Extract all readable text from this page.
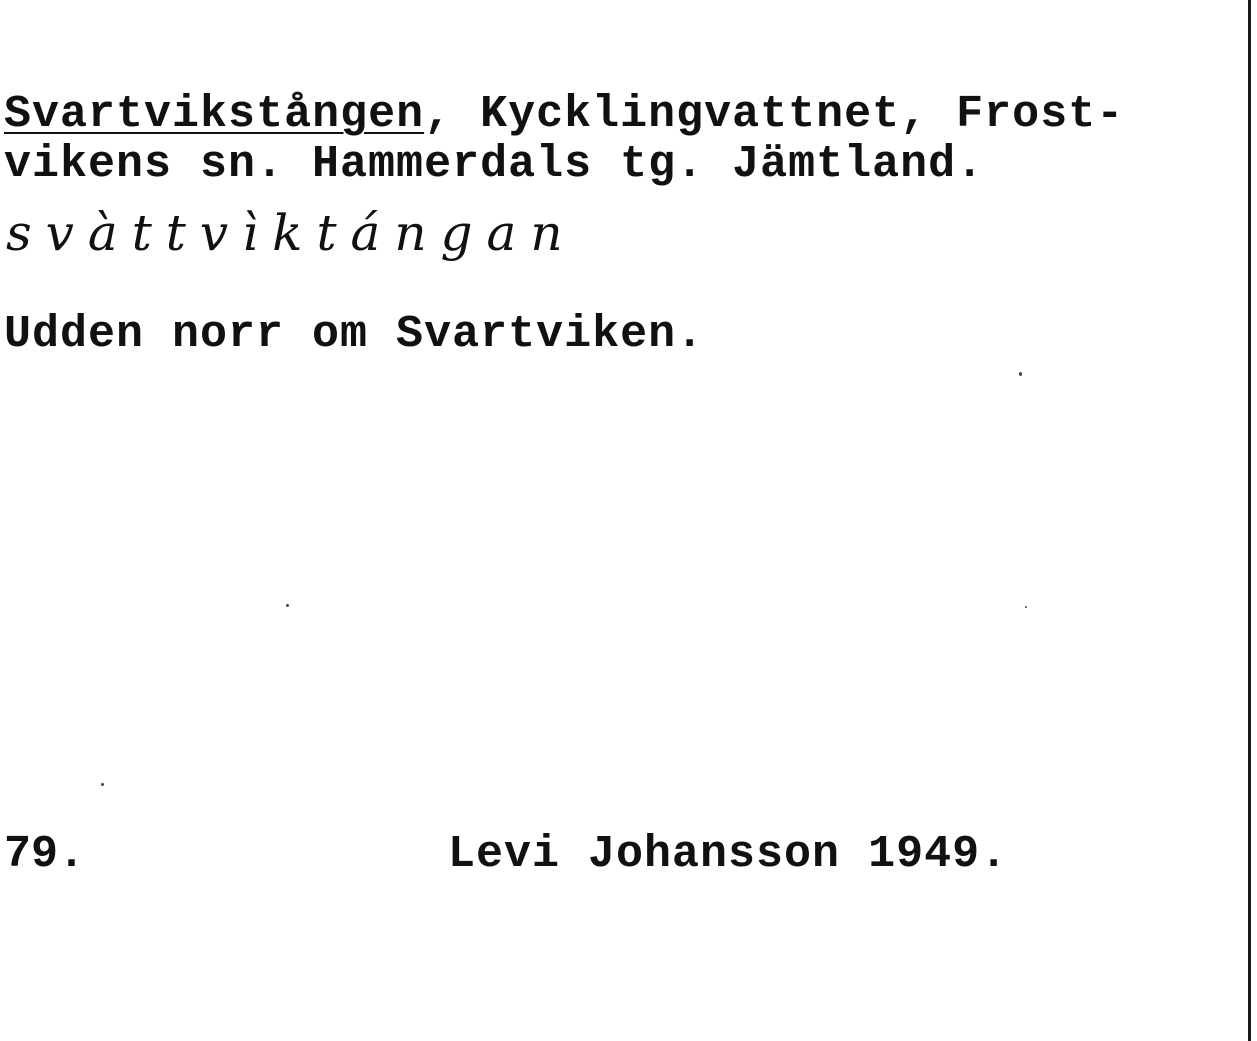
Svartvikstången, Kycklingvattnet, Frost-

vikens sn. Hammerdals tg. Jämtland.

svàttvìktángan

Udden norr om Svartviken.

79.	Levi Johansson 1949.
